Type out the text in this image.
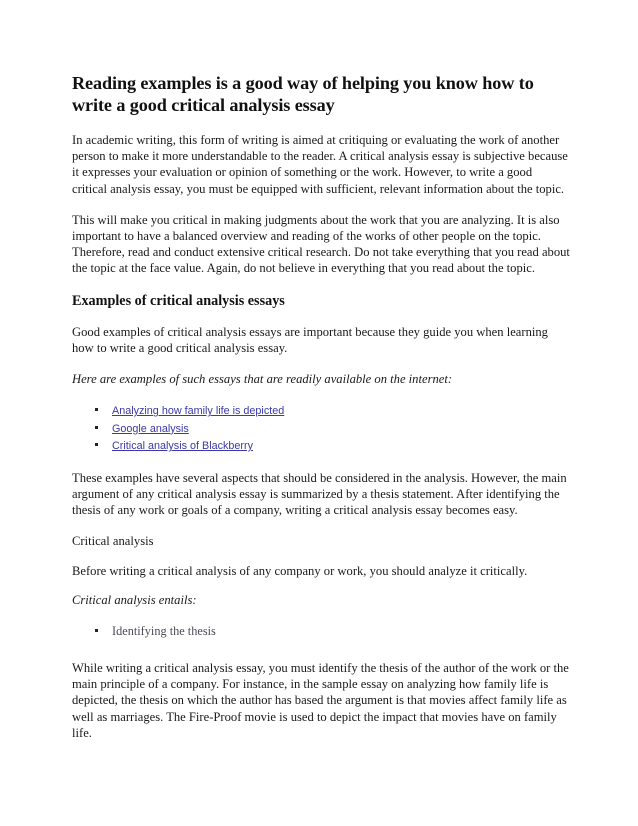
Reading examples is a good way of helping you know how to write a good critical analysis essay

In academic writing, this form of writing is aimed at critiquing or evaluating the work of another person to make it more understandable to the reader. A critical analysis essay is subjective because it expresses your evaluation or opinion of something or the work. However, to write a good critical analysis essay, you must be equipped with sufficient, relevant information about the topic.

This will make you critical in making judgments about the work that you are analyzing. It is also important to have a balanced overview and reading of the works of other people on the topic. Therefore, read and conduct extensive critical research. Do not take everything that you read about the topic at the face value. Again, do not believe in everything that you read about the topic.

Examples of critical analysis essays

Good examples of critical analysis essays are important because they guide you when learning how to write a good critical analysis essay.

Here are examples of such essays that are readily available on the internet:

Analyzing how family life is depicted
Google analysis
Critical analysis of Blackberry

These examples have several aspects that should be considered in the analysis. However, the main argument of any critical analysis essay is summarized by a thesis statement. After identifying the thesis of any work or goals of a company, writing a critical analysis essay becomes easy.

Critical analysis

Before writing a critical analysis of any company or work, you should analyze it critically.

Critical analysis entails:

Identifying the thesis

While writing a critical analysis essay, you must identify the thesis of the author of the work or the main principle of a company. For instance, in the sample essay on analyzing how family life is depicted, the thesis on which the author has based the argument is that movies affect family life as well as marriages. The Fire-Proof movie is used to depict the impact that movies have on family life.
